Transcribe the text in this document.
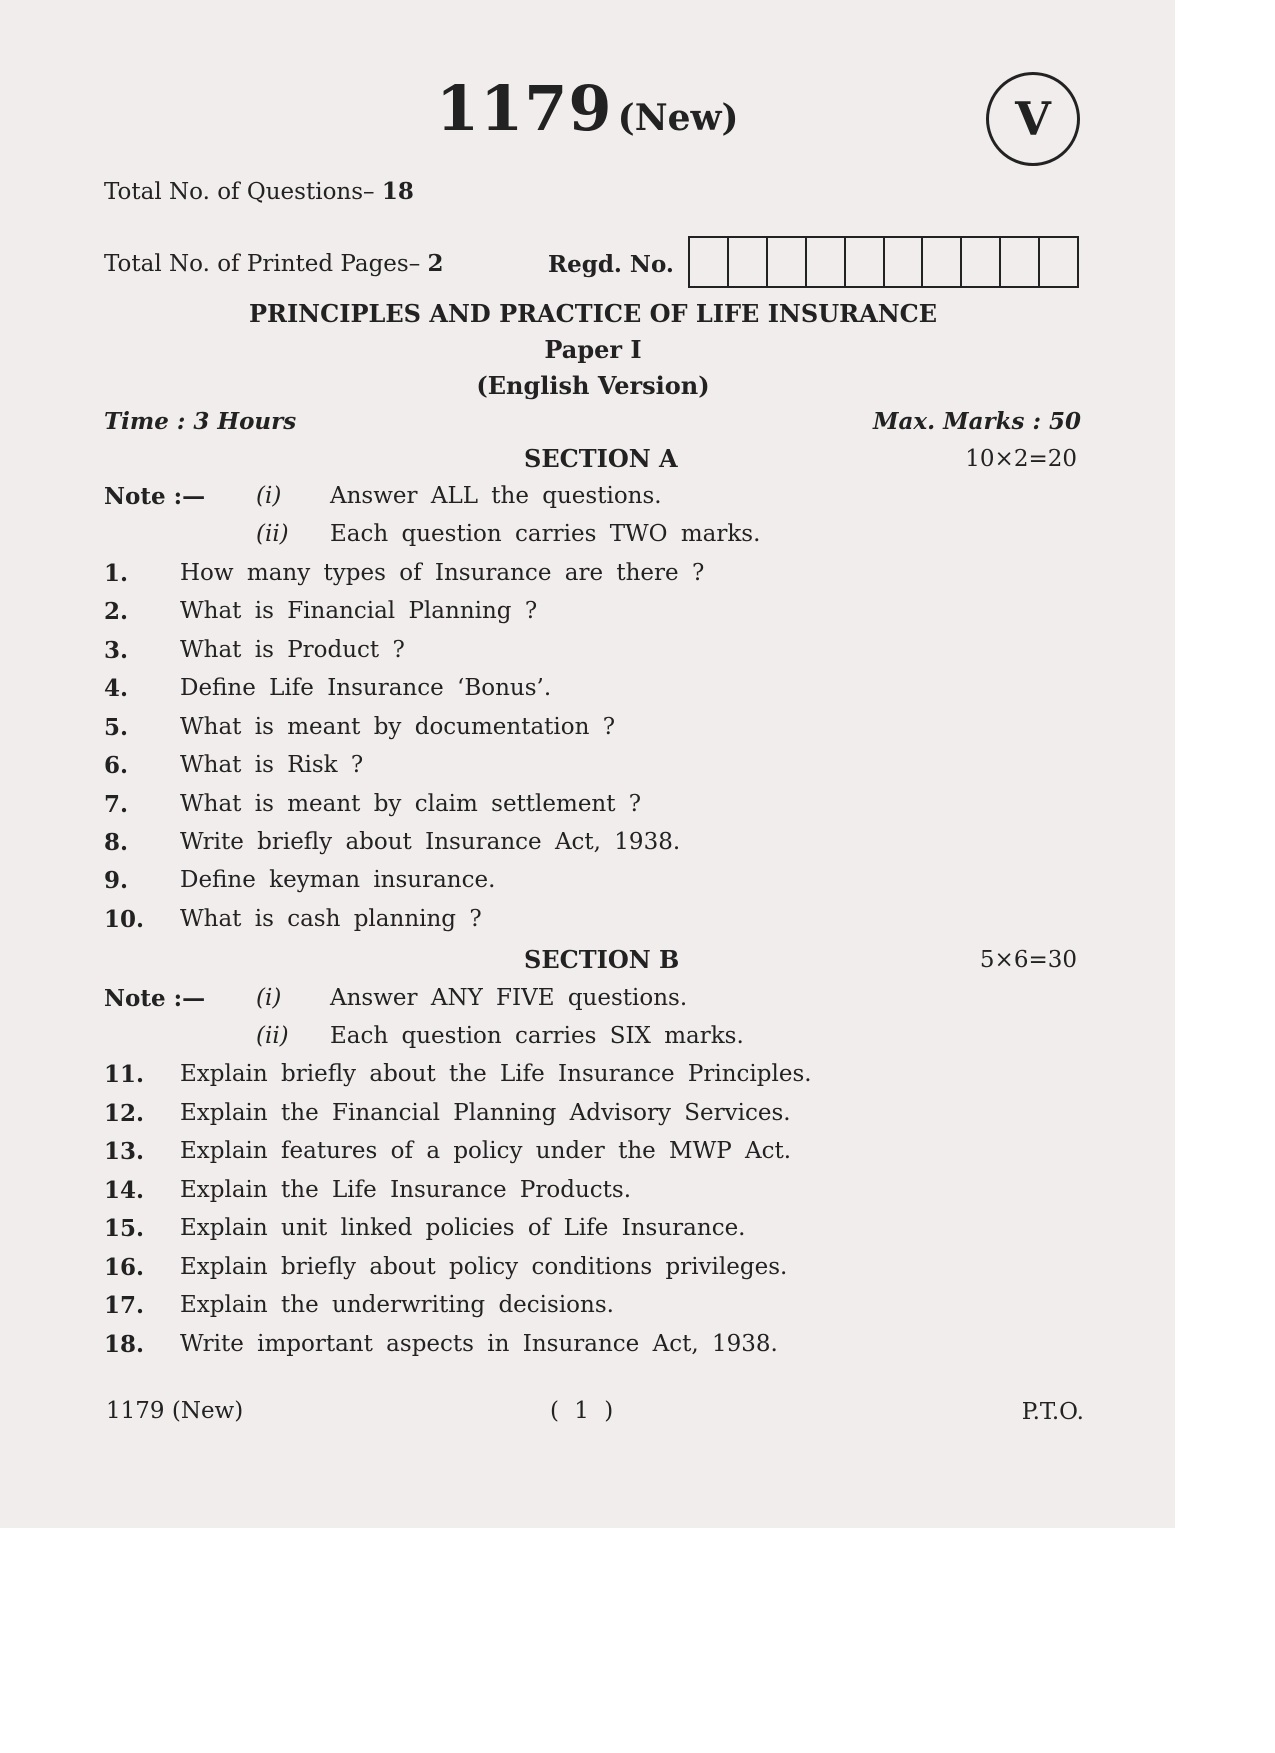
1179 (New)	V
Total No. of Questions– 18
Total No. of Printed Pages– 2	Regd. No.
PRINCIPLES AND PRACTICE OF LIFE INSURANCE
Paper I
(English Version)
Time : 3 Hours	Max. Marks : 50
SECTION A	10×2=20
Note :— (i) Answer ALL the questions.
(ii) Each question carries TWO marks.
1. How many types of Insurance are there ?
2. What is Financial Planning ?
3. What is Product ?
4. Define Life Insurance ‘Bonus’.
5. What is meant by documentation ?
6. What is Risk ?
7. What is meant by claim settlement ?
8. Write briefly about Insurance Act, 1938.
9. Define keyman insurance.
10. What is cash planning ?
SECTION B	5×6=30
Note :— (i) Answer ANY FIVE questions.
(ii) Each question carries SIX marks.
11. Explain briefly about the Life Insurance Principles.
12. Explain the Financial Planning Advisory Services.
13. Explain features of a policy under the MWP Act.
14. Explain the Life Insurance Products.
15. Explain unit linked policies of Life Insurance.
16. Explain briefly about policy conditions privileges.
17. Explain the underwriting decisions.
18. Write important aspects in Insurance Act, 1938.
1179 (New)	( 1 )	P.T.O.
